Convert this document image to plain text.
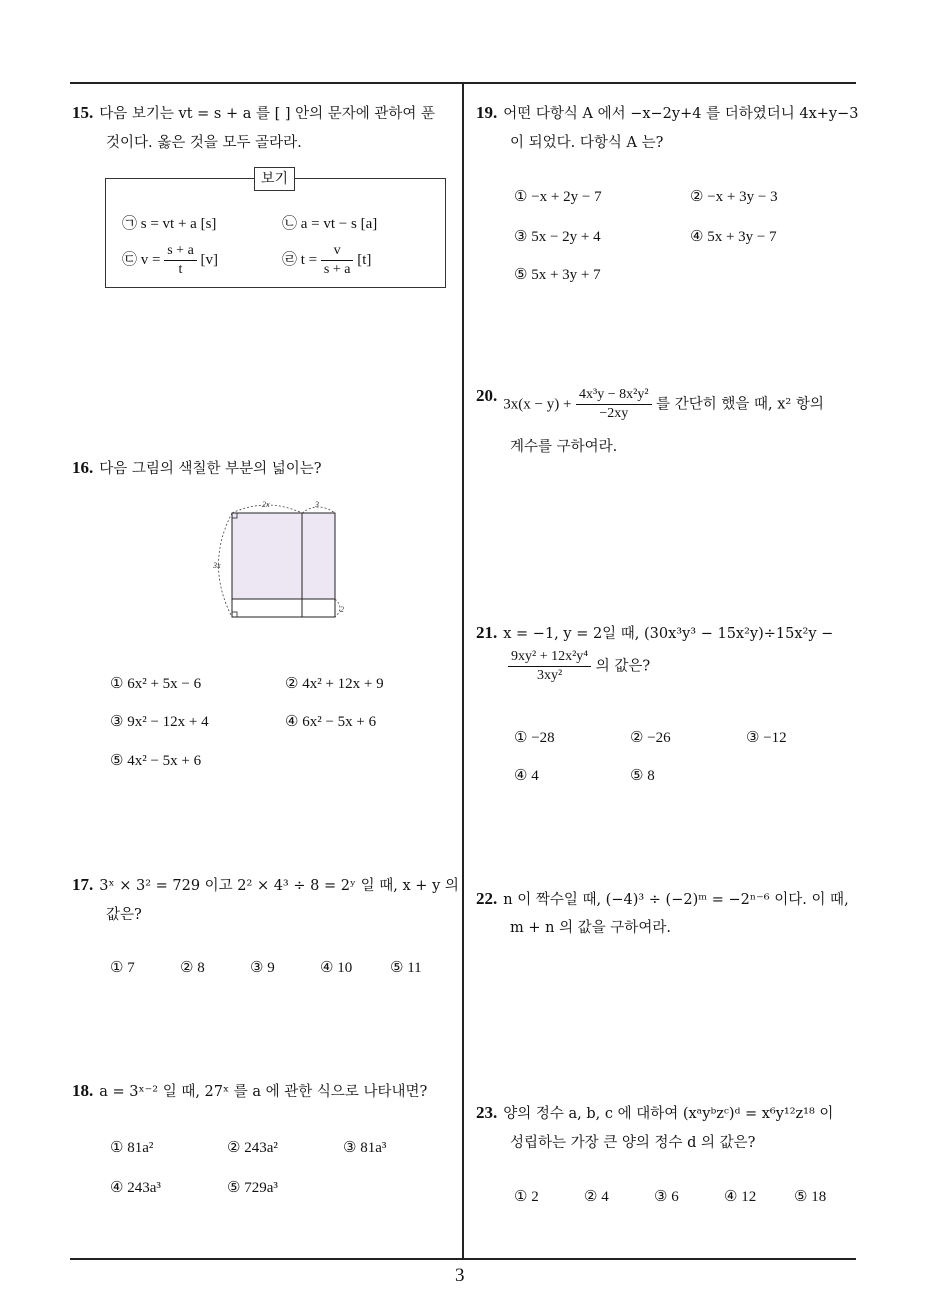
3
15. 다음 보기는 vt = s + a 를 [ ] 안의 문자에 관하여 푼
것이다. 옳은 것을 모두 골라라.
보기
㉠ s = vt + a [s]	㉡ a = vt − s [a]
㉢ $v = \frac{s + a}{t} [v]$	㉣ $t = \frac{v}{s + a} [t]$
16. 다음 그림의 색칠한 부분의 넓이는?
2x	3
3x
2
① 6x² + 5x − 6	② 4x² + 12x + 9
③ 9x² − 12x + 4	④ 6x² − 5x + 6
⑤ 4x² − 5x + 6
17. 3ˣ × 3² = 729 이고 2² × 4³ ÷ 8 = 2ʸ 일 때, x + y 의
값은?
① 7	② 8	③ 9	④ 10	⑤ 11
18. a = 3ˣ⁻² 일 때, 27ˣ 를 a 에 관한 식으로 나타내면?
① 81a²	② 243a²	③ 81a³
④ 243a³	⑤ 729a³
19. 어떤 다항식 A 에서 −x−2y+4 를 더하였더니 4x+y−3
이 되었다. 다항식 A 는?
① −x + 2y − 7	② −x + 3y − 3
③ 5x − 2y + 4	④ 5x + 3y − 7
⑤ 5x + 3y + 7
20. $3x(x - y) + \frac{\text{4x³y − 8x²y²}}{-2xy}$ 를 간단히 했을 때, x² 항의
계수를 구하여라.
21. x = −1, y = 2일 때, (30x³y³ − 15x²y)÷15x²y −
$\frac{\text{9xy² + 12x²y⁴}}{\text{3xy²}}$ 의 값은?
① −28	② −26	③ −12
④ 4	⑤ 8
22. n 이 짝수일 때, (−4)³ ÷ (−2)ᵐ = −2ⁿ⁻⁶ 이다. 이 때,
m + n 의 값을 구하여라.
23. 양의 정수 a, b, c 에 대하여 (xᵃyᵇzᶜ)ᵈ = x⁶y¹²z¹⁸ 이
성립하는 가장 큰 양의 정수 d 의 값은?
① 2	② 4	③ 6	④ 12	⑤ 18
